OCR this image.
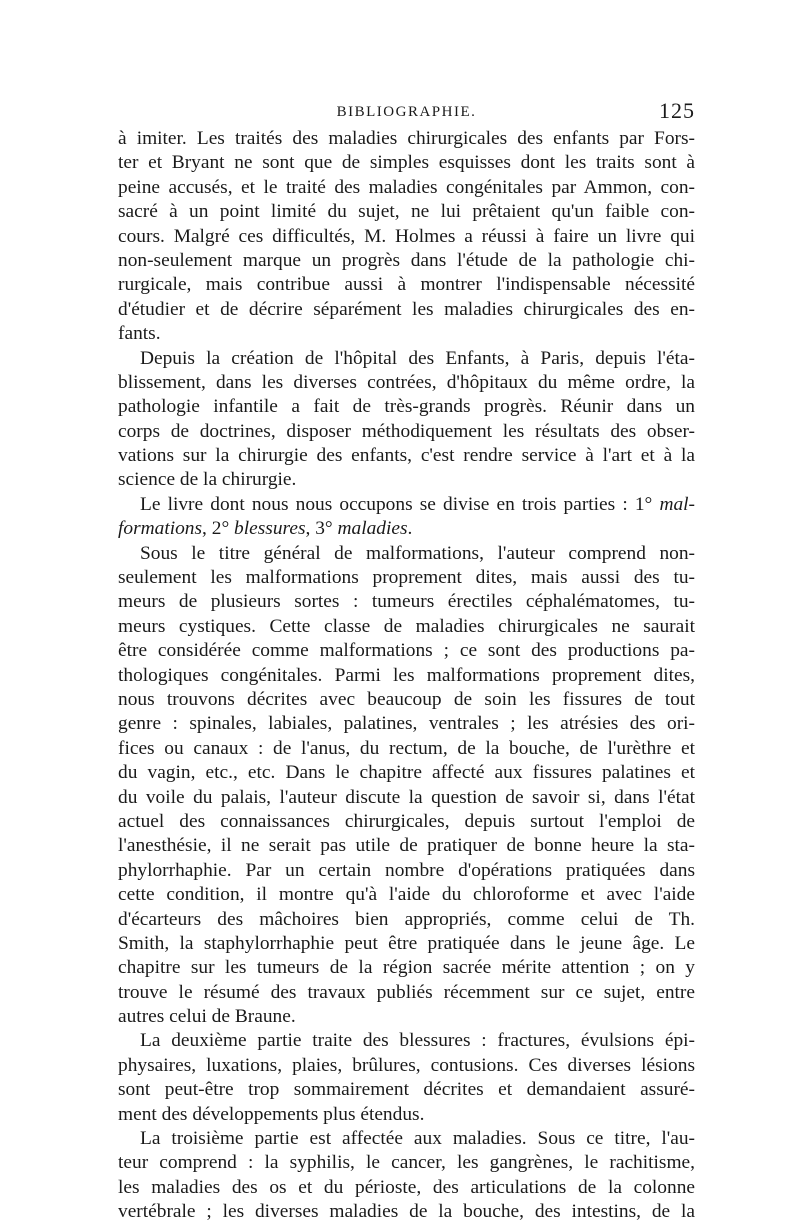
BIBLIOGRAPHIE.	125
à imiter. Les traités des maladies chirurgicales des enfants par Fors-
ter et Bryant ne sont que de simples esquisses dont les traits sont à
peine accusés, et le traité des maladies congénitales par Ammon, con-
sacré à un point limité du sujet, ne lui prêtaient qu'un faible con-
cours. Malgré ces difficultés, M. Holmes a réussi à faire un livre qui
non-seulement marque un progrès dans l'étude de la pathologie chi-
rurgicale, mais contribue aussi à montrer l'indispensable nécessité
d'étudier et de décrire séparément les maladies chirurgicales des en-
fants.
Depuis la création de l'hôpital des Enfants, à Paris, depuis l'éta-
blissement, dans les diverses contrées, d'hôpitaux du même ordre, la
pathologie infantile a fait de très-grands progrès. Réunir dans un
corps de doctrines, disposer méthodiquement les résultats des obser-
vations sur la chirurgie des enfants, c'est rendre service à l'art et à la
science de la chirurgie.
Le livre dont nous nous occupons se divise en trois parties : 1° mal-
formations, 2° blessures, 3° maladies.
Sous le titre général de malformations, l'auteur comprend non-
seulement les malformations proprement dites, mais aussi des tu-
meurs de plusieurs sortes : tumeurs érectiles céphalématomes, tu-
meurs cystiques. Cette classe de maladies chirurgicales ne saurait
être considérée comme malformations ; ce sont des productions pa-
thologiques congénitales. Parmi les malformations proprement dites,
nous trouvons décrites avec beaucoup de soin les fissures de tout
genre : spinales, labiales, palatines, ventrales ; les atrésies des ori-
fices ou canaux : de l'anus, du rectum, de la bouche, de l'urèthre et
du vagin, etc., etc. Dans le chapitre affecté aux fissures palatines et
du voile du palais, l'auteur discute la question de savoir si, dans l'état
actuel des connaissances chirurgicales, depuis surtout l'emploi de
l'anesthésie, il ne serait pas utile de pratiquer de bonne heure la sta-
phylorrhaphie. Par un certain nombre d'opérations pratiquées dans
cette condition, il montre qu'à l'aide du chloroforme et avec l'aide
d'écarteurs des mâchoires bien appropriés, comme celui de Th.
Smith, la staphylorrhaphie peut être pratiquée dans le jeune âge. Le
chapitre sur les tumeurs de la région sacrée mérite attention ; on y
trouve le résumé des travaux publiés récemment sur ce sujet, entre
autres celui de Braune.
La deuxième partie traite des blessures : fractures, évulsions épi-
physaires, luxations, plaies, brûlures, contusions. Ces diverses lésions
sont peut-être trop sommairement décrites et demandaient assuré-
ment des développements plus étendus.
La troisième partie est affectée aux maladies. Sous ce titre, l'au-
teur comprend : la syphilis, le cancer, les gangrènes, le rachitisme,
les maladies des os et du périoste, des articulations de la colonne
vertébrale ; les diverses maladies de la bouche, des intestins, de la
